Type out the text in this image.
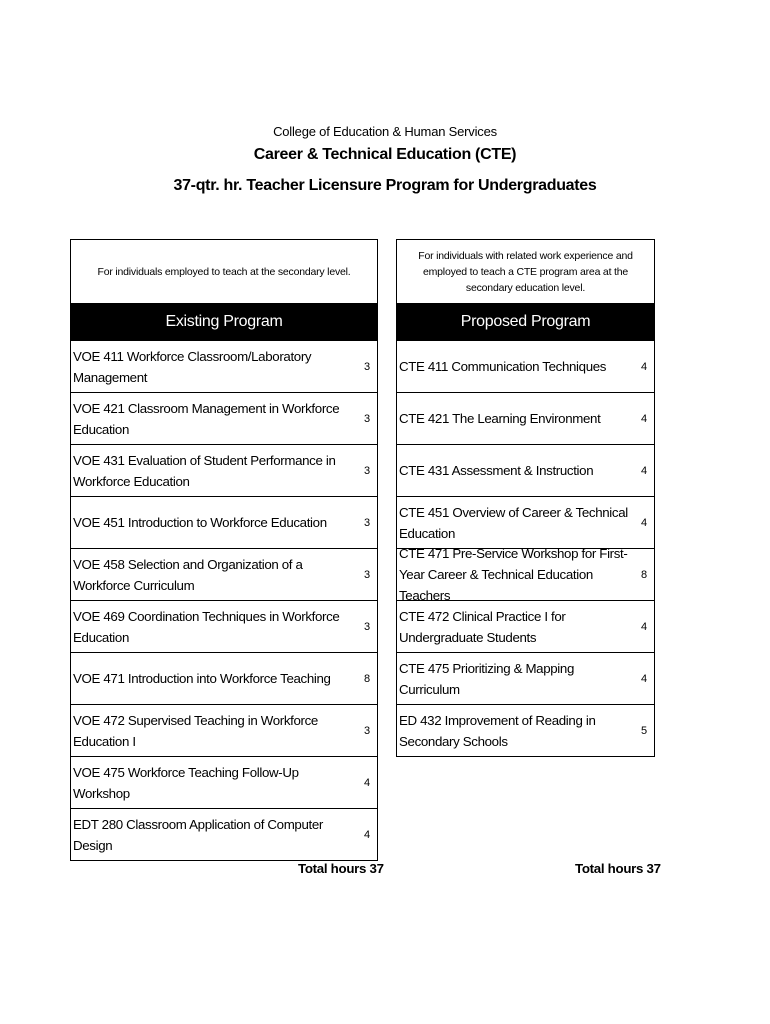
College of Education & Human Services
Career & Technical Education (CTE)
37-qtr. hr. Teacher Licensure Program for Undergraduates
For individuals employed to teach at the secondary level.
Existing Program
VOE 411 Workforce Classroom/Laboratory Management
3
VOE 421 Classroom Management in Workforce Education
3
VOE 431 Evaluation of Student Performance in Workforce Education
3
VOE 451 Introduction to Workforce Education	3
VOE 458 Selection and Organization of a Workforce Curriculum
3
VOE 469 Coordination Techniques in Workforce Education
3
VOE 471 Introduction into Workforce Teaching	8
VOE 472 Supervised Teaching in Workforce Education I
3
VOE 475 Workforce Teaching Follow-Up Workshop
4
EDT 280 Classroom Application of Computer Design
4
For individuals with related work experience and employed to teach a CTE program area at the secondary education level.
Proposed Program
CTE 411 Communication Techniques	4
CTE 421 The Learning Environment	4
CTE 431 Assessment & Instruction	4
CTE 451 Overview of Career & Technical Education
4
CTE 471 Pre-Service Workshop for First-Year Career & Technical Education Teachers
8
CTE 472 Clinical Practice I for Undergraduate Students
4
CTE 475 Prioritizing & Mapping Curriculum
4
ED 432 Improvement of Reading in Secondary Schools
5
Total hours 37	Total hours 37
